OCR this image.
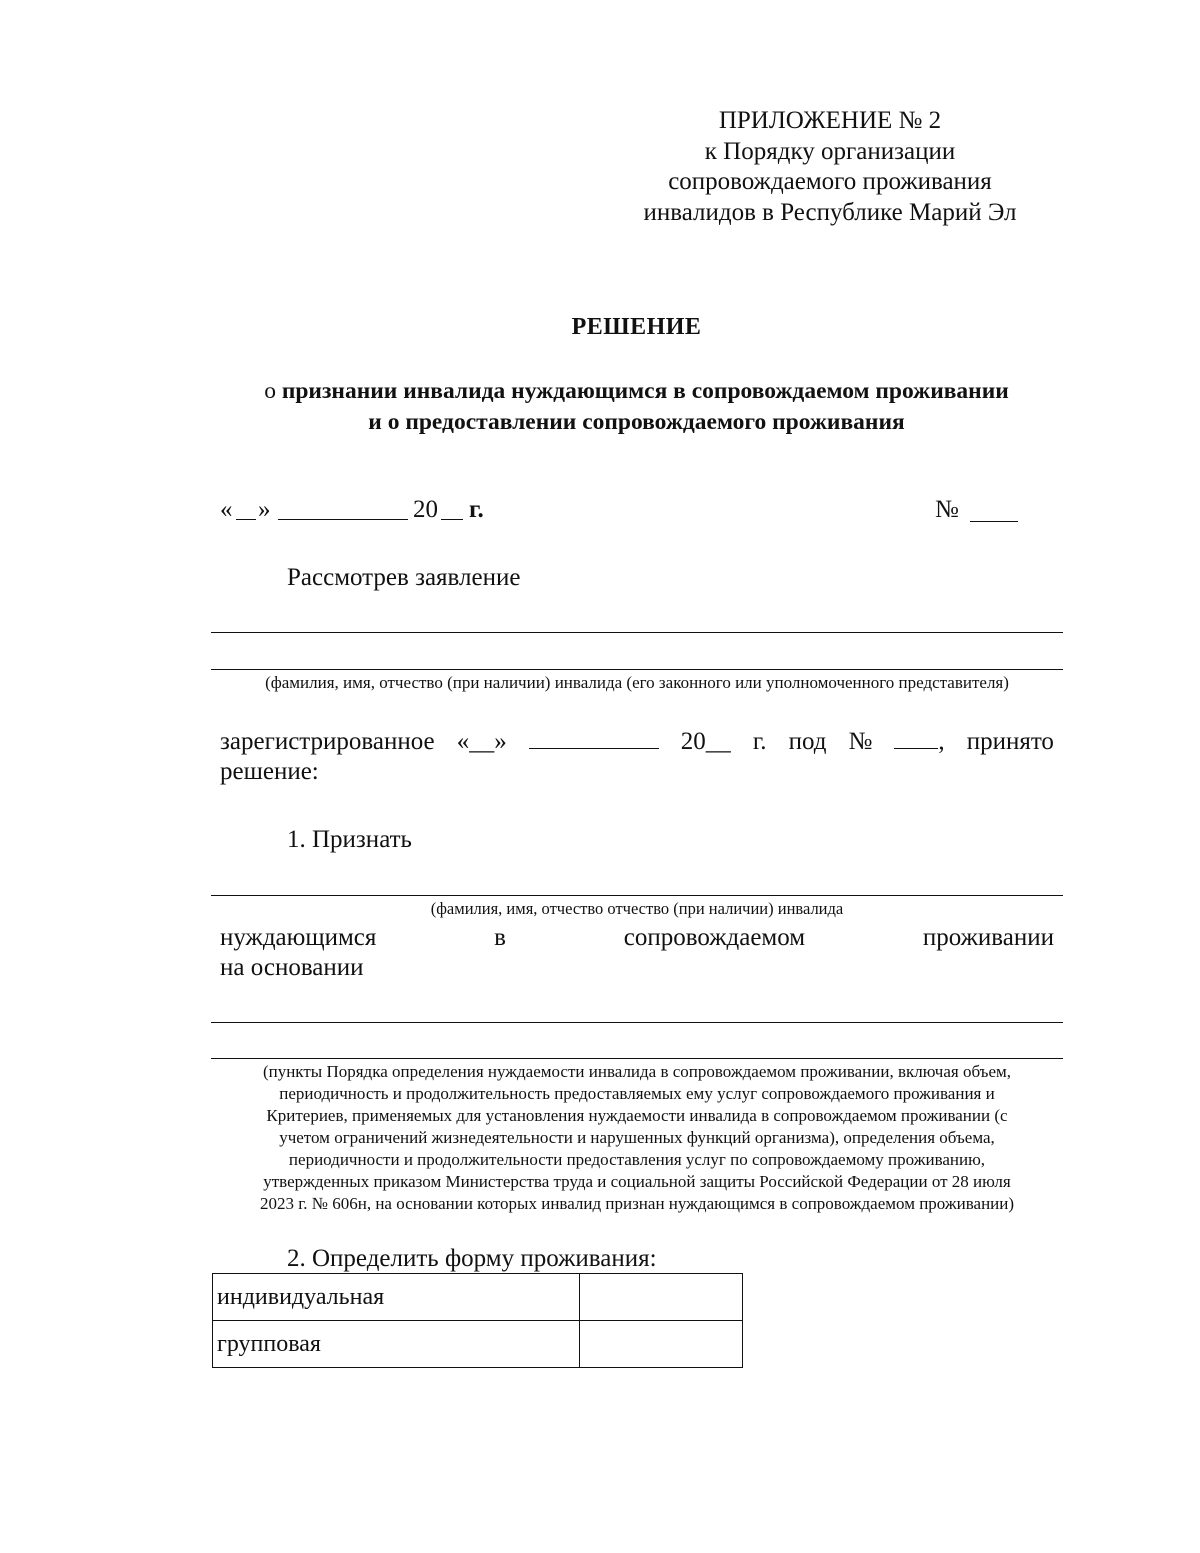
ПРИЛОЖЕНИЕ № 2
к Порядку организации
сопровождаемого проживания
инвалидов в Республике Марий Эл
РЕШЕНИЕ
о признании инвалида нуждающимся в сопровождаемом проживании
и о предоставлении сопровождаемого проживания
« »	20 г.	№
Рассмотрев заявление
(фамилия, имя, отчество (при наличии) инвалида (его законного или уполномоченного представителя)
зарегистрированное «__»	20__ г. под №	, принято
решение:
1. Признать
(фамилия, имя, отчество отчество (при наличии) инвалида
нуждающимся	в	сопровождаемом	проживании
на основании
(пункты Порядка определения нуждаемости инвалида в сопровождаемом проживании, включая объем,
периодичность и продолжительность предоставляемых ему услуг сопровождаемого проживания и
Критериев, применяемых для установления нуждаемости инвалида в сопровождаемом проживании (с
учетом ограничений жизнедеятельности и нарушенных функций организма), определения объема,
периодичности и продолжительности предоставления услуг по сопровождаемому проживанию,
утвержденных приказом Министерства труда и социальной защиты Российской Федерации от 28 июля
2023 г. № 606н, на основании которых инвалид признан нуждающимся в сопровождаемом проживании)
2. Определить форму проживания:
индивидуальная	
групповая	
